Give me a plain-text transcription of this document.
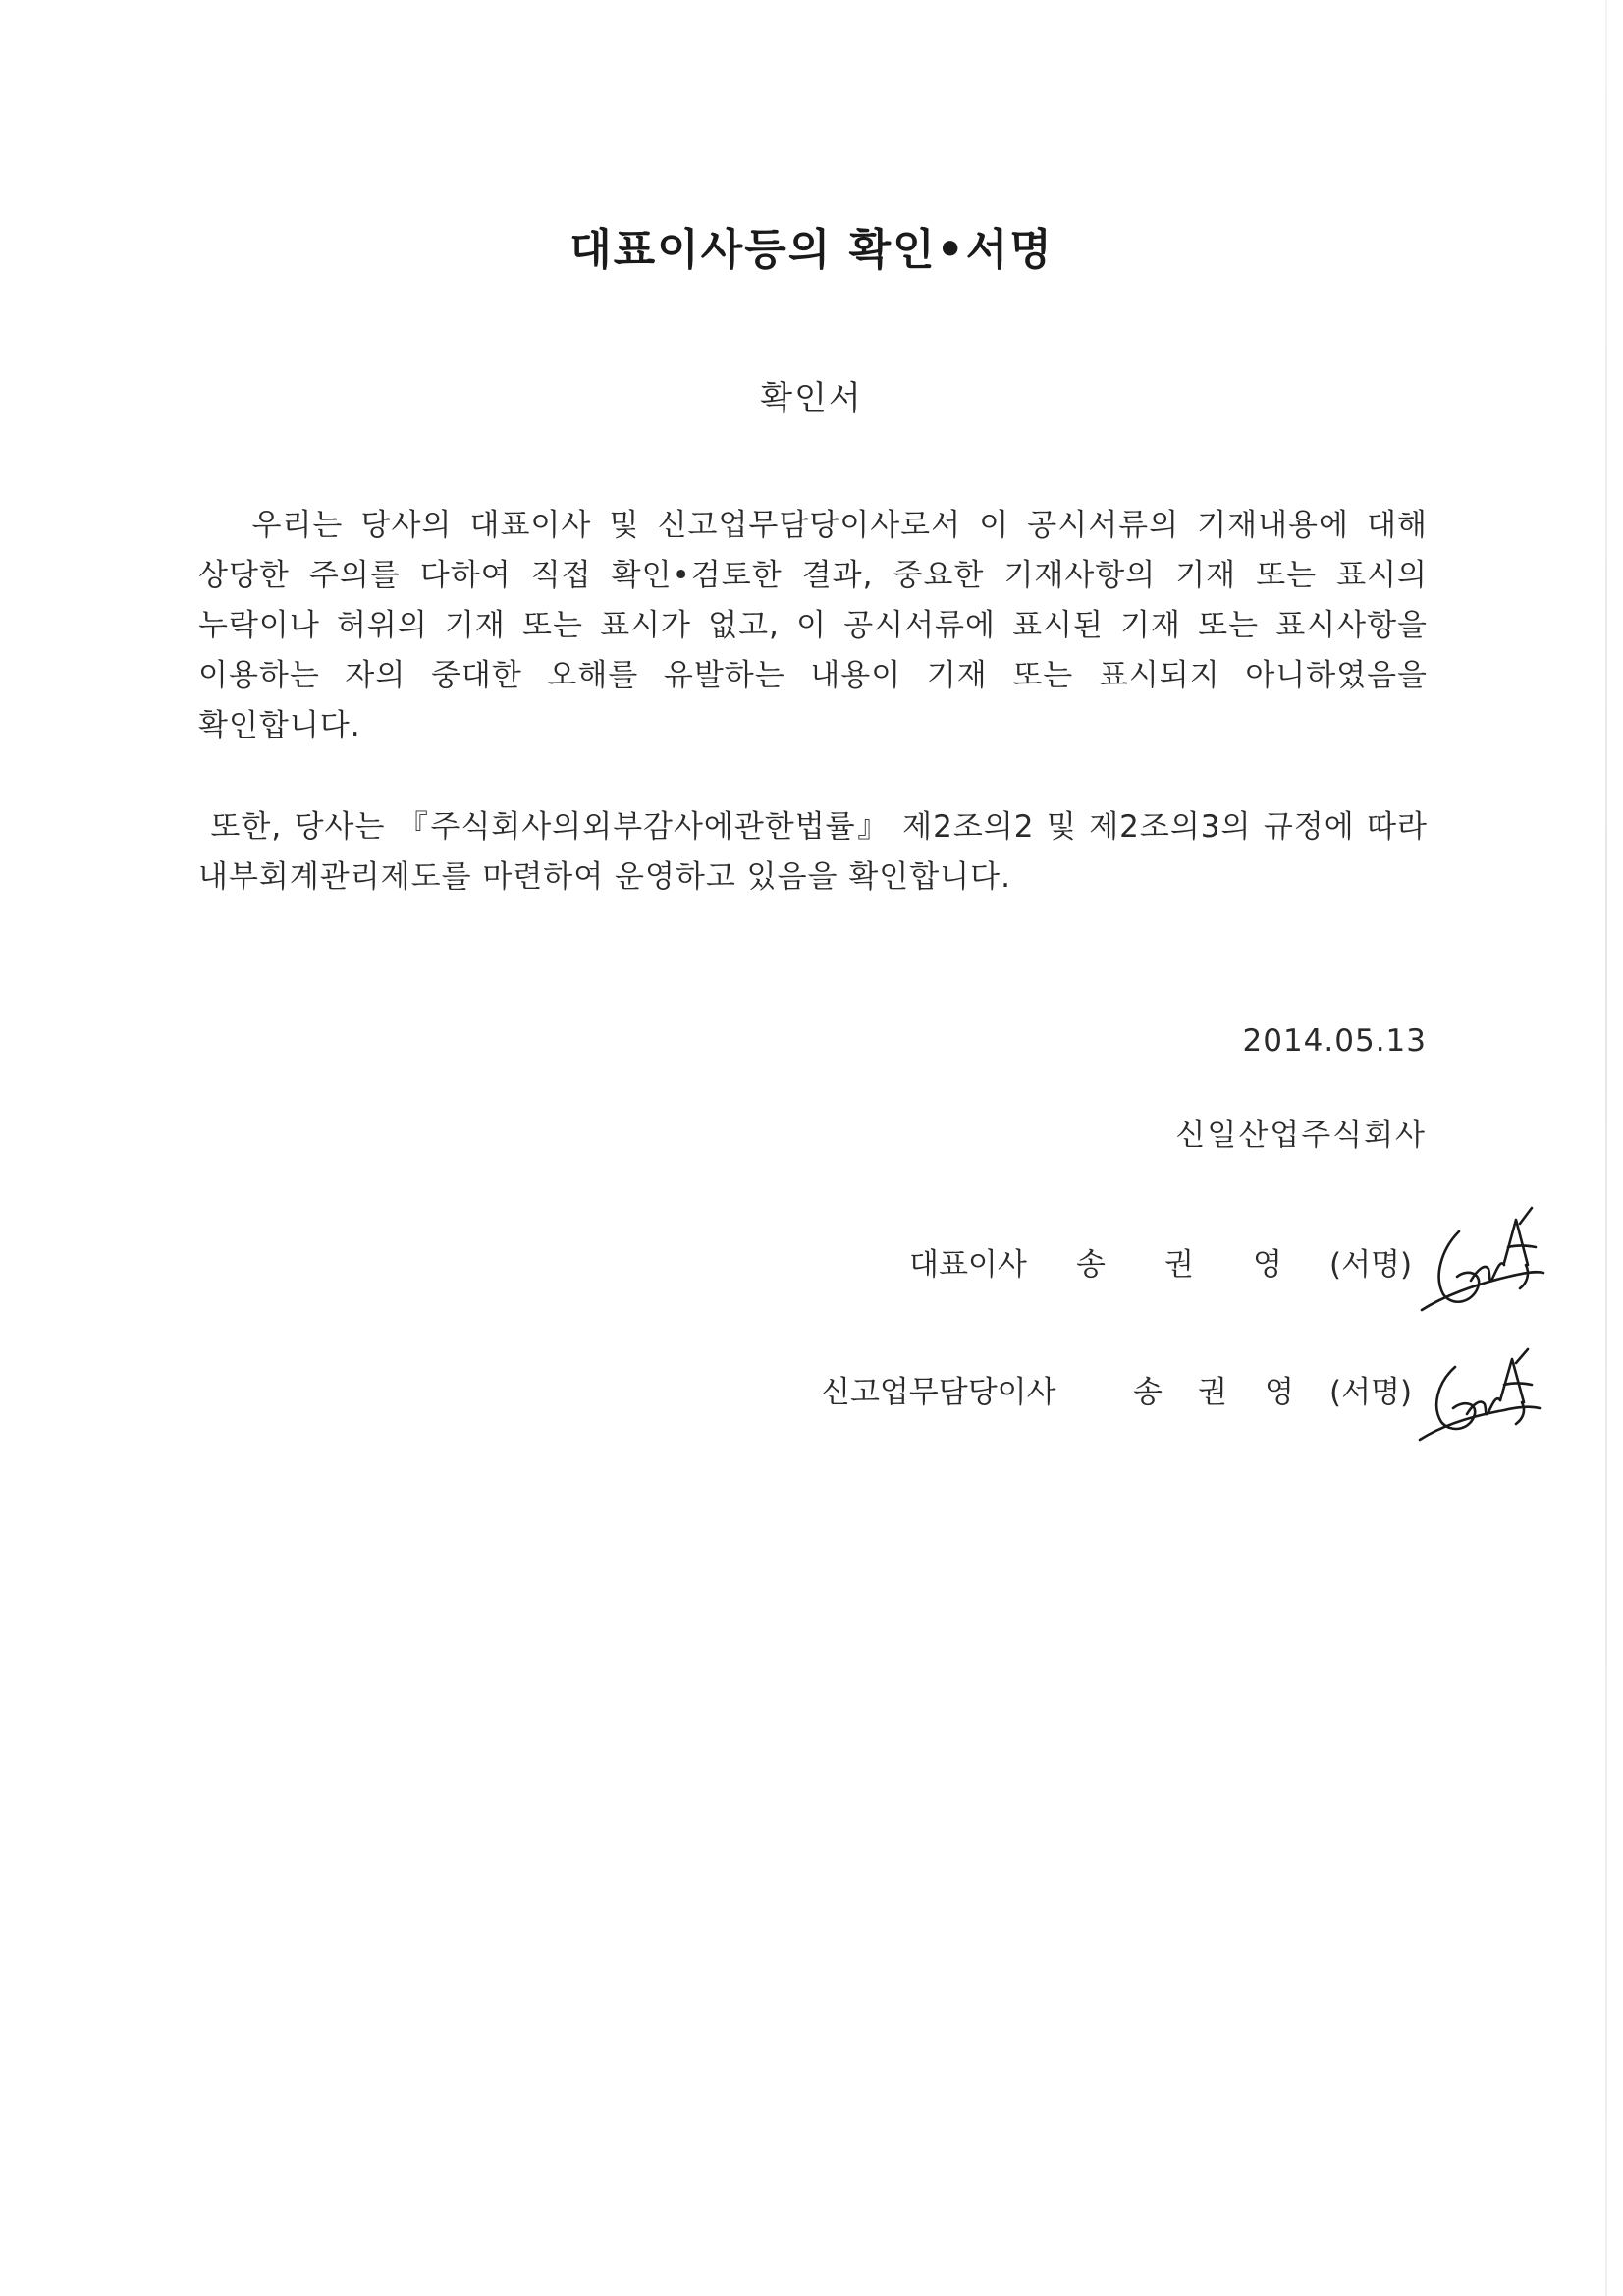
대표이사등의 확인•서명
확인서
우리는 당사의 대표이사 및 신고업무담당이사로서 이 공시서류의 기재내용에 대해 상당한 주의를 다하여 직접 확인•검토한 결과, 중요한 기재사항의 기재 또는 표시의 누락이나 허위의 기재 또는 표시가 없고, 이 공시서류에 표시된 기재 또는 표시사항을 이용하는 자의 중대한 오해를 유발하는 내용이 기재 또는 표시되지 아니하였음을 확인합니다.
또한, 당사는 『주식회사의외부감사에관한법률』 제2조의2 및 제2조의3의 규정에 따라 내부회계관리제도를 마련하여 운영하고 있음을 확인합니다.
2014.05.13
신일산업주식회사
대표이사 송 권 영 (서명)
신고업무담당이사	송 권 영 (서명)
